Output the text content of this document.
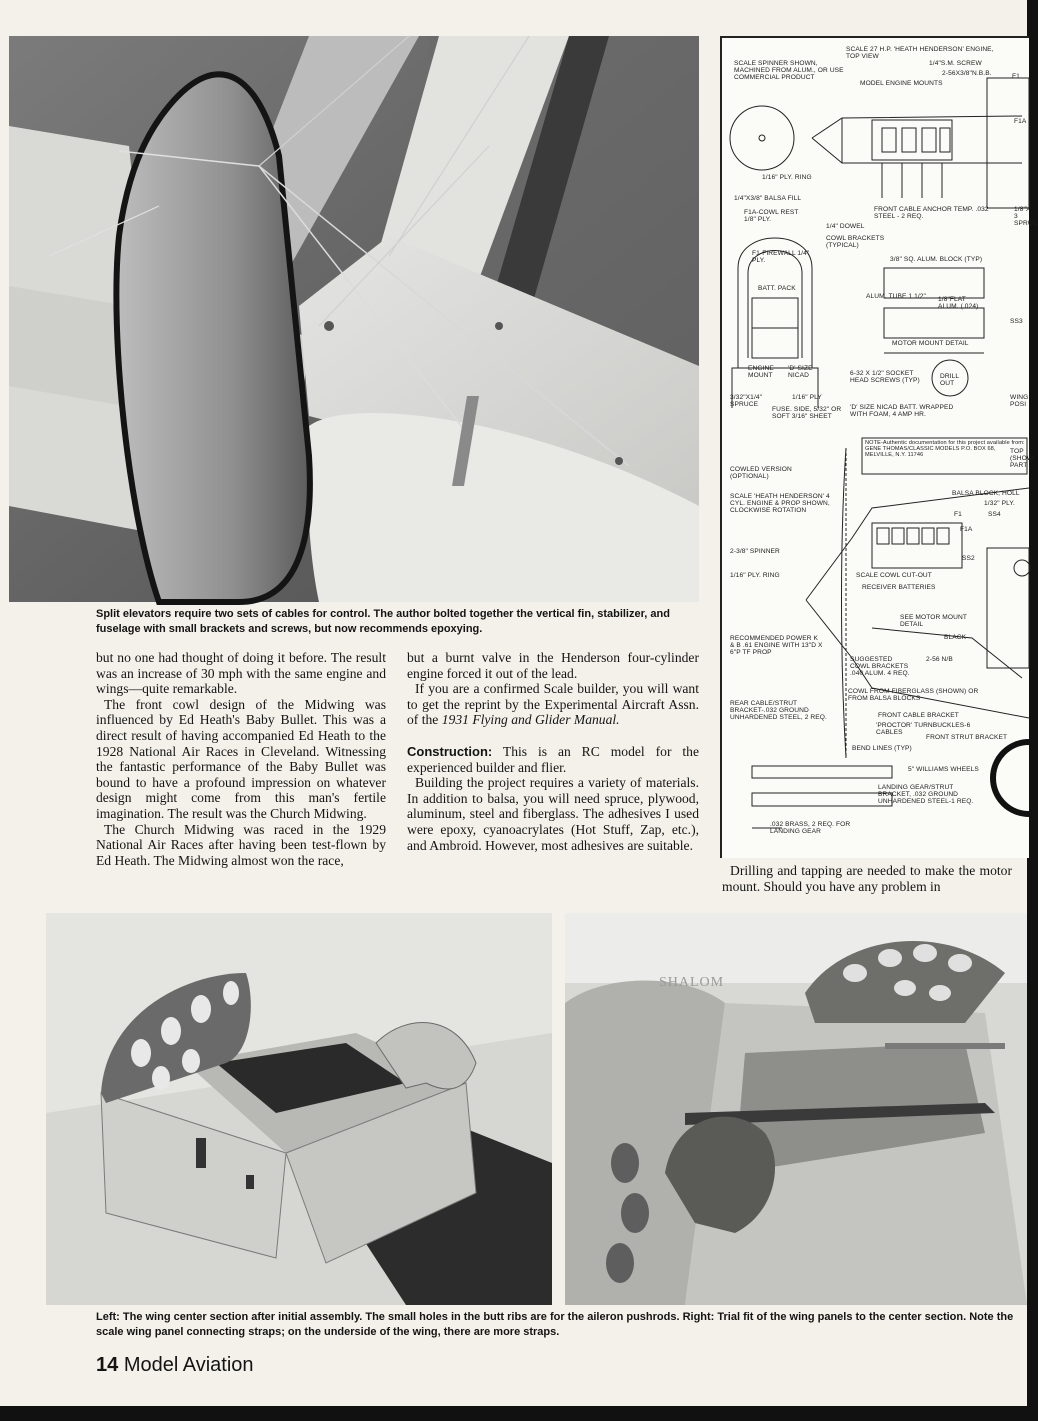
Split elevators require two sets of cables for control. The author bolted together the vertical fin, stabilizer, and fuselage with small brackets and screws, but now recommends epoxying.

but no one had thought of doing it before. The result was an increase of 30 mph with the same engine and wings—quite remarkable.

The front cowl design of the Midwing was influenced by Ed Heath's Baby Bullet. This was a direct result of having accompanied Ed Heath to the 1928 National Air Races in Cleveland. Witnessing the fantastic performance of the Baby Bullet was bound to have a profound impression on whatever design might come from this man's fertile imagination. The result was the Church Midwing.

The Church Midwing was raced in the 1929 National Air Races after having been test-flown by Ed Heath. The Midwing almost won the race,

but a burnt valve in the Henderson four-cylinder engine forced it out of the lead.

If you are a confirmed Scale builder, you will want to get the reprint by the Experimental Aircraft Assn. of the 1931 Flying and Glider Manual.

Construction: This is an RC model for the experienced builder and flier.

Building the project requires a variety of materials. In addition to balsa, you will need spruce, plywood, aluminum, steel and fiberglass. The adhesives I used were epoxy, cyanoacrylates (Hot Stuff, Zap, etc.), and Ambroid. However, most adhesives are suitable.

Drilling and tapping are needed to make the motor mount. Should you have any problem in

SCALE SPINNER SHOWN, MACHINED FROM ALUM., OR USE COMMERCIAL PRODUCT
SCALE 27 H.P. 'HEATH HENDERSON' ENGINE, TOP VIEW
1/4"S.M. SCREW
2-56X3/8"N.B.B.
MODEL ENGINE MOUNTS
1/16" PLY. RING
1/4"X3/8" BALSA FILL
FRONT CABLE ANCHOR TEMP. .032 STEEL - 2 REQ.
F1A-COWL REST 1/8" PLY.
1/4" DOWEL
COWL BRACKETS (TYPICAL)
F1-FIREWALL 1/4" PLY.	3/8" SQ. ALUM. BLOCK (TYP)
BATT. PACK
ALUM. TUBE 1 1/2" 1/8"FLAT ALUM. (.024)
MOTOR MOUNT DETAIL
ENGINE MOUNT
'D' SIZE NICAD	6-32 X 1/2" SOCKET HEAD SCREWS (TYP)
DRILL OUT
3/32"X1/4" SPRUCE
1/16" PLY
FUSE. SIDE, 5/32" OR SOFT 3/16" SHEET
'D' SIZE NICAD BATT. WRAPPED WITH FOAM, 4 AMP HR.
NOTE-Authentic documentation for this project available from: GENE THOMAS/CLASSIC MODELS P.O. BOX 68, MELVILLE, N.Y. 11746
COWLED VERSION (OPTIONAL)
BALSA BLOCK, HOLL
SCALE 'HEATH HENDERSON' 4 CYL. ENGINE & PROP SHOWN, CLOCKWISE ROTATION
1/32" PLY.
SS4
F1A
F1
2-3/8" SPINNER
SS2
1/16" PLY. RING	SCALE COWL CUT-OUT
RECEIVER BATTERIES
SEE MOTOR MOUNT DETAIL
BLACK
RECOMMENDED POWER K & B .61 ENGINE WITH 13"D X 6"P TF PROP
SUGGESTED COWL BRACKETS .040 ALUM. 4 REQ.
2-56 N/B
COWL FROM FIBERGLASS (SHOWN) OR FROM BALSA BLOCKS
REAR CABLE/STRUT BRACKET-.032 GROUND UNHARDENED STEEL, 2 REQ.	FRONT CABLE BRACKET
'PROCTOR' TURNBUCKLES-6 CABLES
FRONT STRUT BRACKET
BEND LINES (TYP)
5" WILLIAMS WHEELS
LANDING GEAR/STRUT BRACKET, .032 GROUND UNHARDENED STEEL-1 REQ.
.032 BRASS, 2 REQ. FOR LANDING GEAR
SS3
WING POSI
TOP (SHOW PART
F1
1/8"X 3 SPRUC
F1A
SHALOM

Left: The wing center section after initial assembly. The small holes in the butt ribs are for the aileron pushrods. Right: Trial fit of the wing panels to the center section. Note the scale wing panel connecting straps; on the underside of the wing, there are more straps.

14 Model Aviation
